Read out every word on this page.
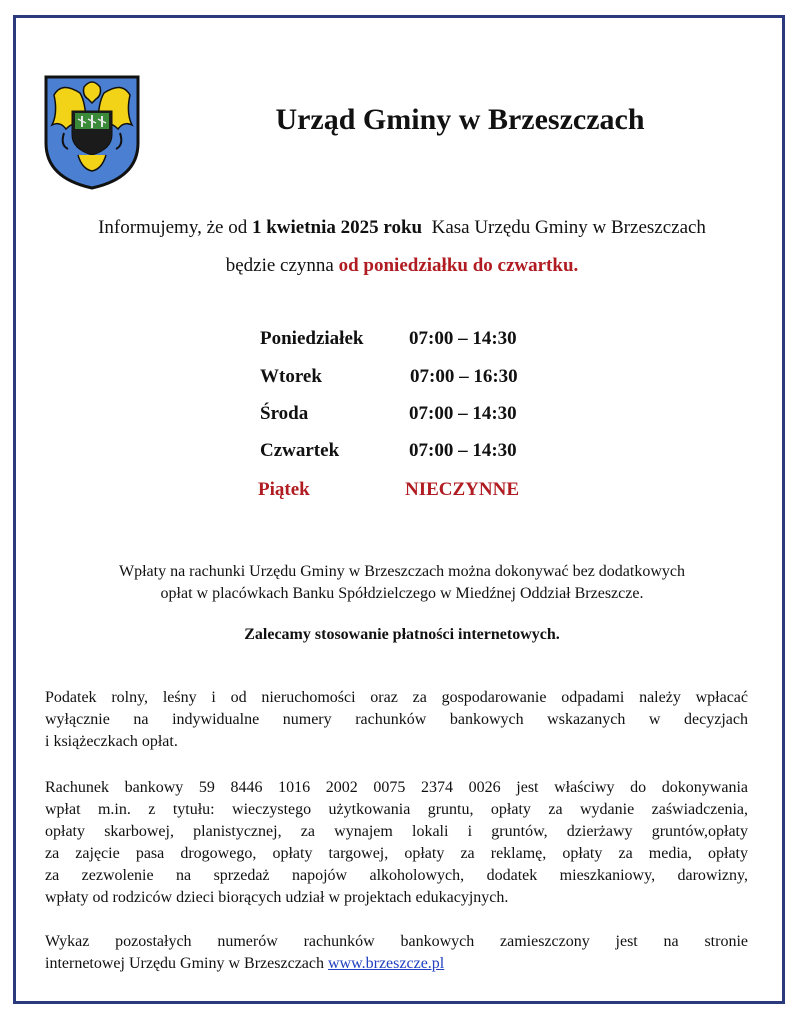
Urząd Gminy w Brzeszczach
Informujemy, że od 1 kwietnia 2025 roku  Kasa Urzędu Gminy w Brzeszczach
będzie czynna od poniedziałku do czwartku.
Poniedziałek 07:00 – 14:30
Wtorek	07:00 – 16:30
Środa	07:00 – 14:30
Czwartek	07:00 – 14:30
Piątek	NIECZYNNE
Wpłaty na rachunki Urzędu Gminy w Brzeszczach można dokonywać bez dodatkowych
opłat w placówkach Banku Spółdzielczego w Miedźnej Oddział Brzeszcze.
Zalecamy stosowanie płatności internetowych.
Podatek rolny, leśny i od nieruchomości oraz za gospodarowanie odpadami należy wpłacać
wyłącznie na indywidualne numery rachunków bankowych wskazanych w decyzjach
i książeczkach opłat.
Rachunek bankowy 59 8446 1016 2002 0075 2374 0026 jest właściwy do dokonywania
wpłat m.in. z tytułu: wieczystego użytkowania gruntu, opłaty za wydanie zaświadczenia,
opłaty skarbowej, planistycznej, za wynajem lokali i gruntów, dzierżawy gruntów,opłaty
za zajęcie pasa drogowego, opłaty targowej, opłaty za reklamę, opłaty za media, opłaty
za zezwolenie na sprzedaż napojów alkoholowych, dodatek mieszkaniowy, darowizny,
wpłaty od rodziców dzieci biorących udział w projektach edukacyjnych.
Wykaz pozostałych numerów rachunków bankowych zamieszczony jest na stronie
internetowej Urzędu Gminy w Brzeszczach www.brzeszcze.pl
